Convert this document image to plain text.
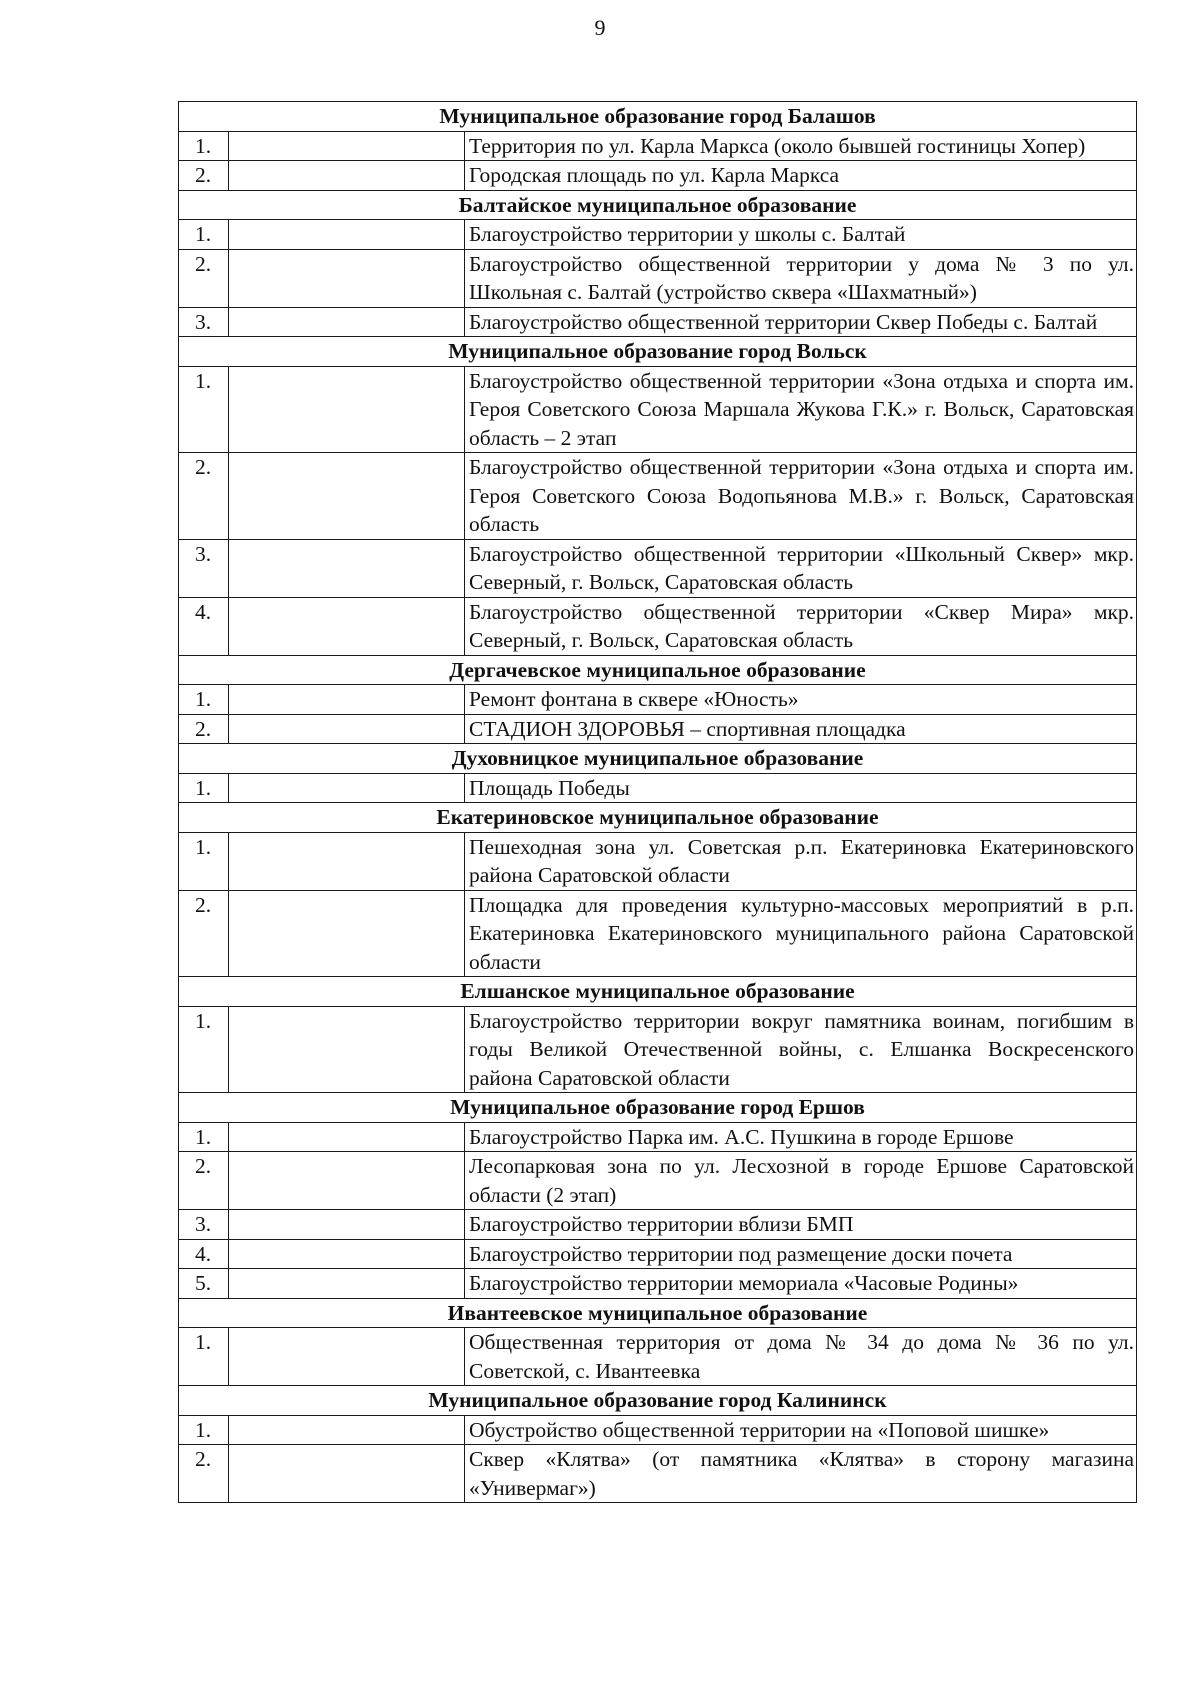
9
Муниципальное образование город Балашов		
1.		Территория по ул. Карла Маркса (около бывшей гостиницы Хопер)
2.		Городская площадь по ул. Карла Маркса
Балтайское муниципальное образование		
1.		Благоустройство территории у школы с. Балтай
2.		Благоустройство общественной территории у дома № 3 по ул. Школьная с. Балтай (устройство сквера «Шахматный»)
3.		Благоустройство общественной территории Сквер Победы с. Балтай
Муниципальное образование город Вольск		
1.		Благоустройство общественной территории «Зона отдыха и спорта им. Героя Советского Союза Маршала Жукова Г.К.» г. Вольск, Саратовская область – 2 этап
2.		Благоустройство общественной территории «Зона отдыха и спорта им. Героя Советского Союза Водопьянова М.В.» г. Вольск, Саратовская область
3.		Благоустройство общественной территории «Школьный Сквер» мкр. Северный, г. Вольск, Саратовская область
4.		Благоустройство общественной территории «Сквер Мира» мкр. Северный, г. Вольск, Саратовская область
Дергачевское муниципальное образование		
1.		Ремонт фонтана в сквере «Юность»
2.		СТАДИОН ЗДОРОВЬЯ – спортивная площадка
Духовницкое муниципальное образование		
1.		Площадь Победы
Екатериновское муниципальное образование		
1.		Пешеходная зона ул. Советская р.п. Екатериновка Екатериновского района Саратовской области
2.		Площадка для проведения культурно-массовых мероприятий в р.п. Екатериновка Екатериновского муниципального района Саратовской области
Елшанское муниципальное образование		
1.		Благоустройство территории вокруг памятника воинам, погибшим в годы Великой Отечественной войны, с. Елшанка Воскресенского района Саратовской области
Муниципальное образование город Ершов		
1.		Благоустройство Парка им. А.С. Пушкина в городе Ершове
2.		Лесопарковая зона по ул. Лесхозной в городе Ершове Саратовской области (2 этап)
3.		Благоустройство территории вблизи БМП
4.		Благоустройство территории под размещение доски почета
5.		Благоустройство территории мемориала «Часовые Родины»
Ивантеевское муниципальное образование		
1.		Общественная территория от дома № 34 до дома № 36 по ул. Советской, с. Ивантеевка
Муниципальное образование город Калининск		
1.		Обустройство общественной территории на «Поповой шишке»
2.		Сквер «Клятва» (от памятника «Клятва» в сторону магазина «Универмаг»)
